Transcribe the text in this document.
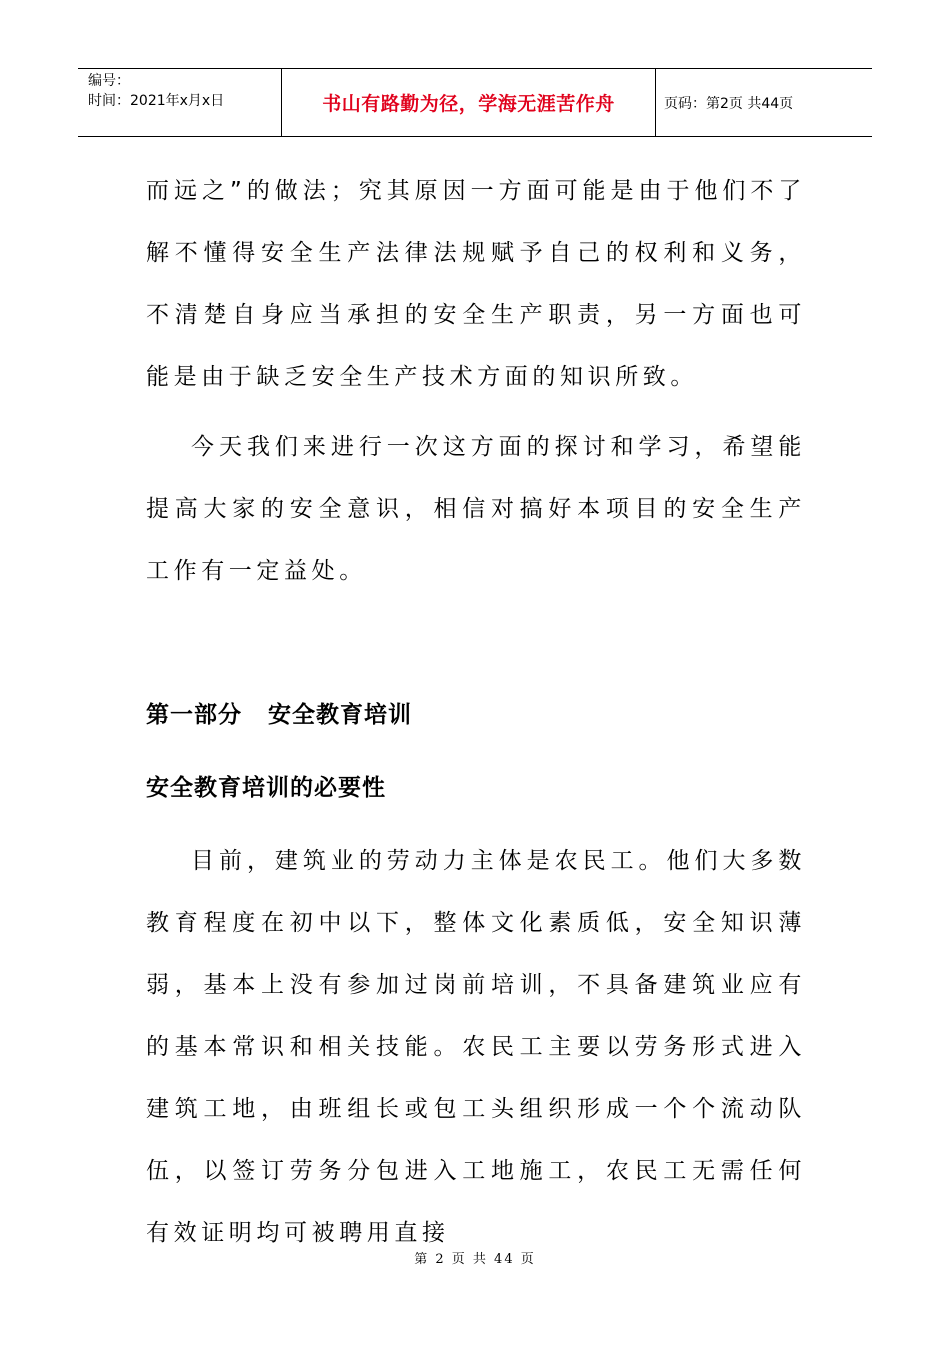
编号：
时间：2021年x月x日	书山有路勤为径，学海无涯苦作舟	页码：第2页 共44页

而远之”的做法；究其原因一方面可能是由于他们不了解不懂得安全生产法律法规赋予自己的权利和义务，不清楚自身应当承担的安全生产职责，另一方面也可能是由于缺乏安全生产技术方面的知识所致。

今天我们来进行一次这方面的探讨和学习，希望能提高大家的安全意识，相信对搞好本项目的安全生产工作有一定益处。

第一部分 安全教育培训
安全教育培训的必要性

目前，建筑业的劳动力主体是农民工。他们大多数教育程度在初中以下，整体文化素质低，安全知识薄弱，基本上没有参加过岗前培训，不具备建筑业应有的基本常识和相关技能。农民工主要以劳务形式进入建筑工地，由班组长或包工头组织形成一个个流动队伍，以签订劳务分包进入工地施工，农民工无需任何有效证明均可被聘用直接

第 2 页 共 44 页
